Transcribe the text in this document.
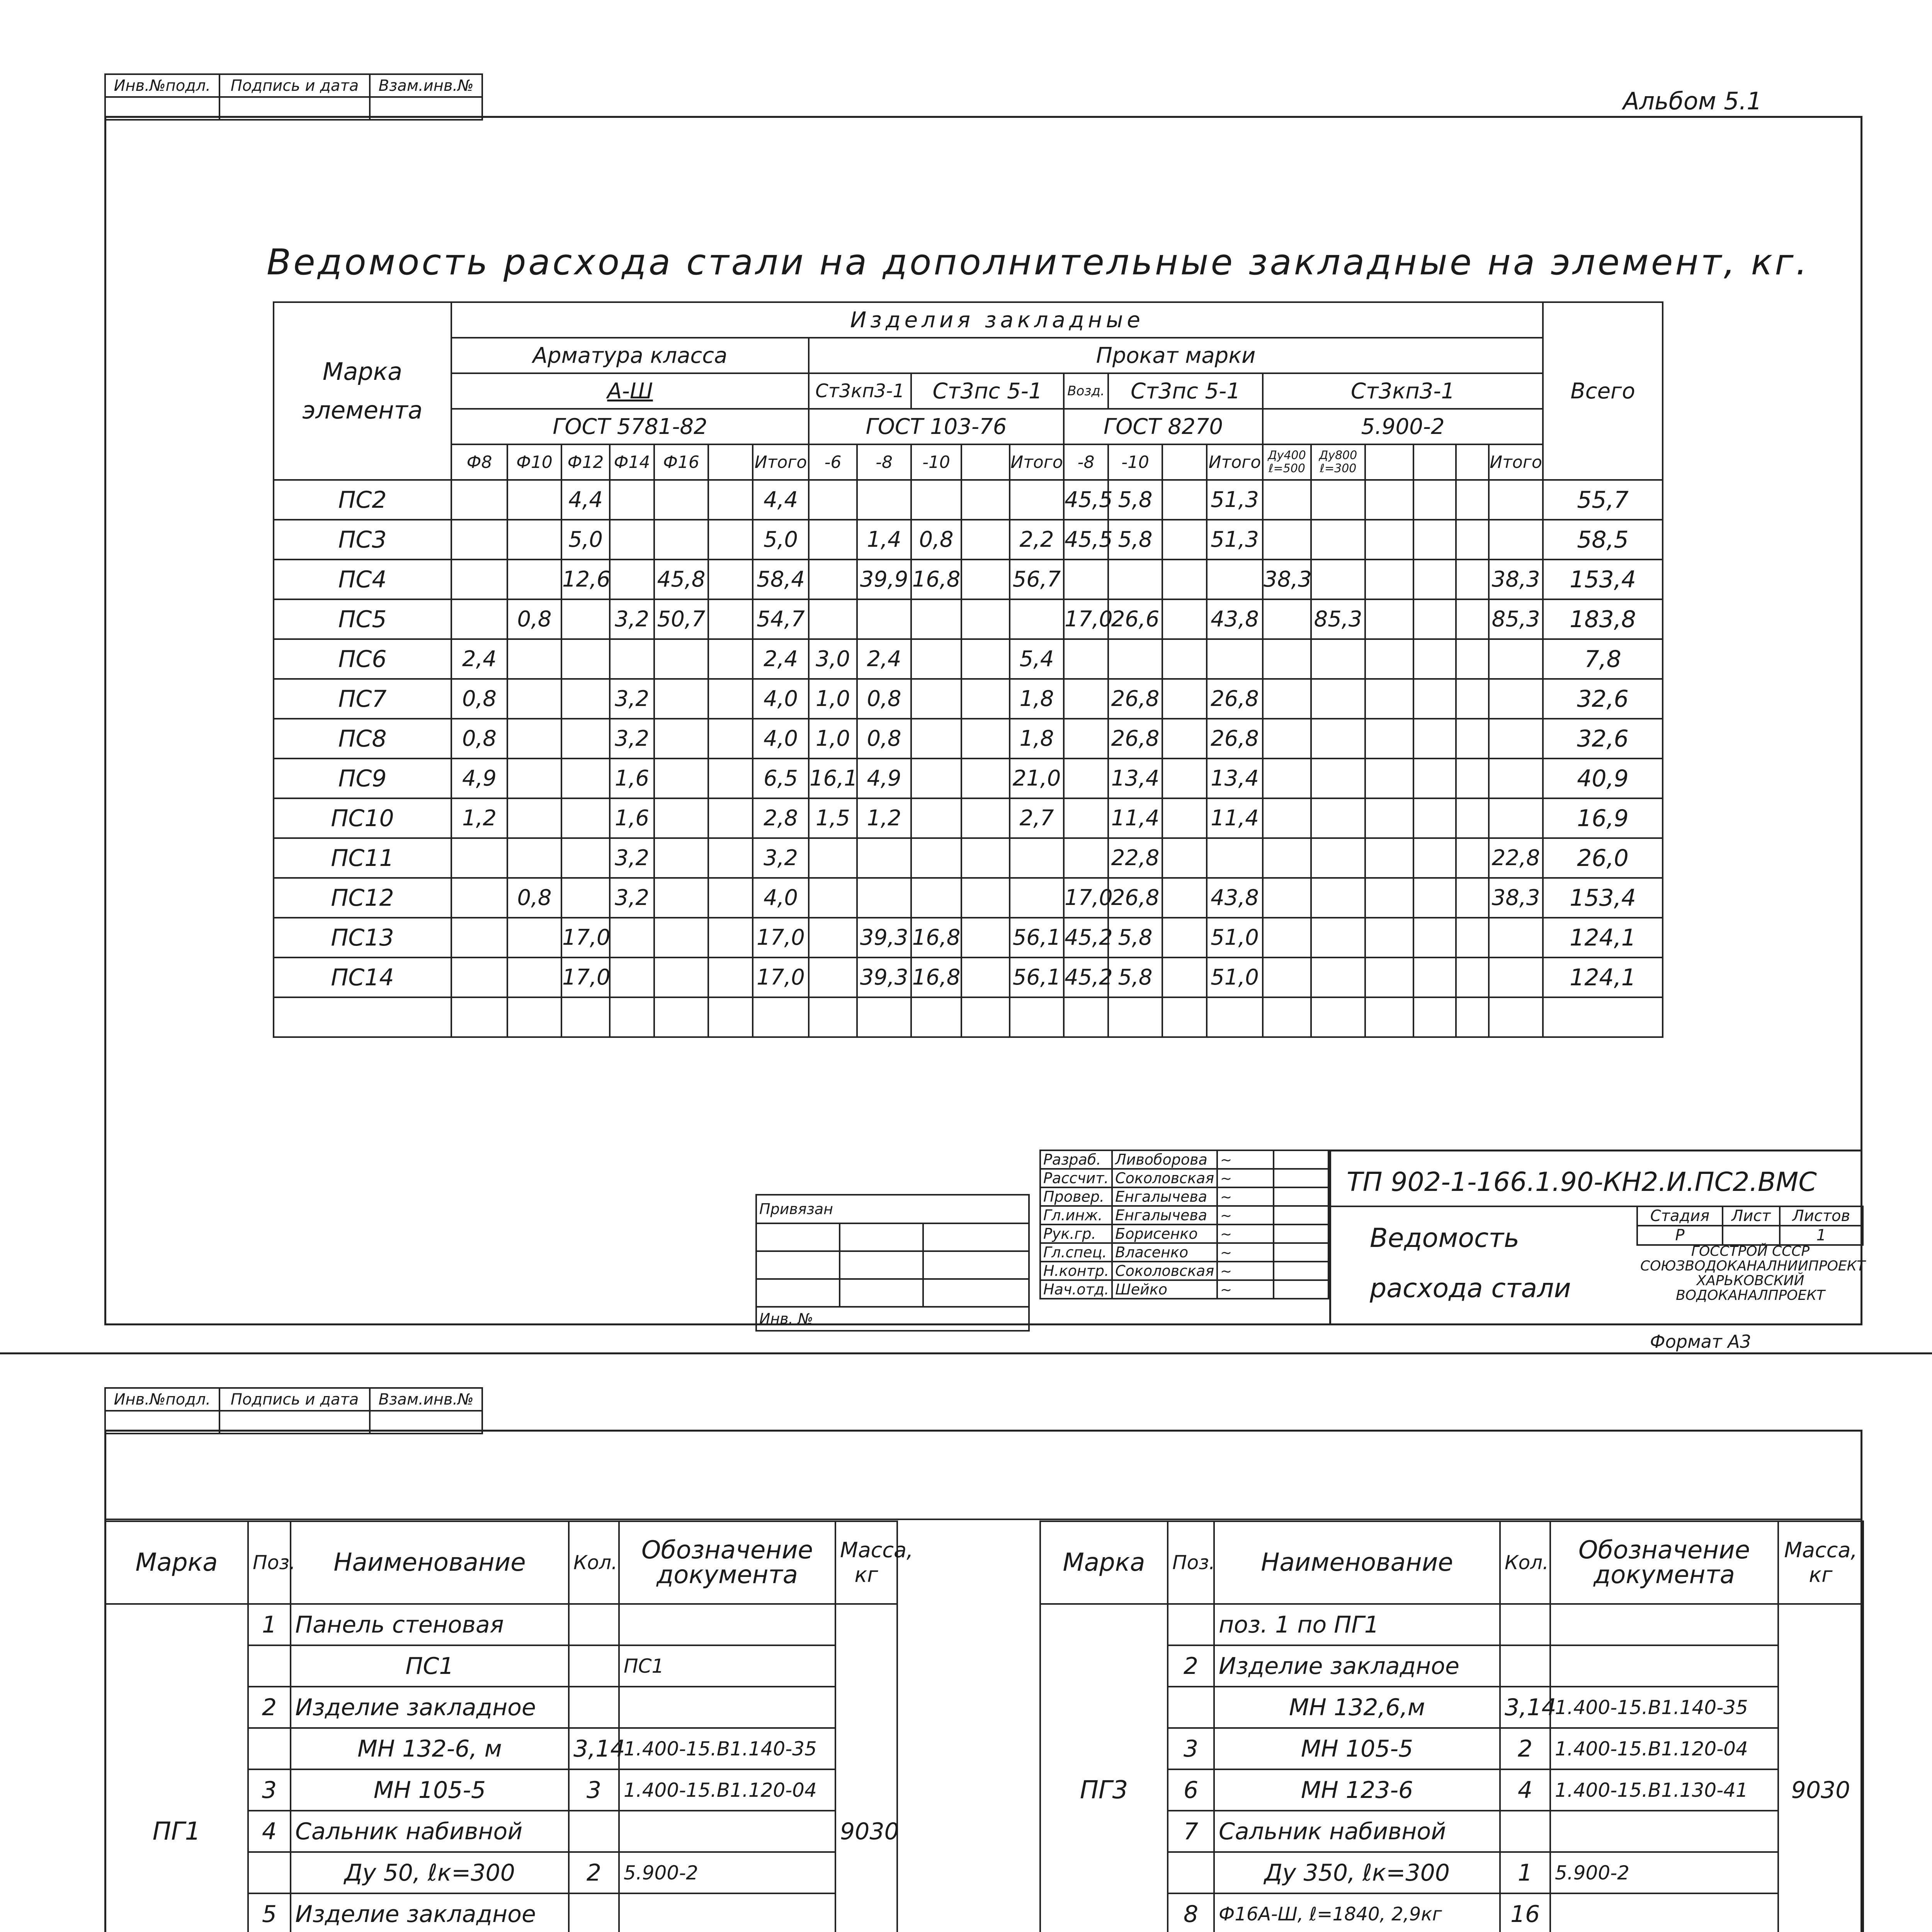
Инв.№подл.	Подпись и дата	Взам.инв.№

Альбом 5.1
Ведомость расхода стали на дополнительные закладные на элемент, кг.
Марка элемента	Изделия закладные																						Всего
	Арматура класса							Прокат марки															
	А-Ш							Ст3кп3-1		Ст3пс 5-1			Возд.	Ст3пс 5-1			Ст3кп3-1						
	ГОСТ 5781-82							ГОСТ 103-76					ГОСТ 8270				5.900-2						
	Ф8	Ф10	Ф12	Ф14	Ф16		Итого	-6	-8	-10		Итого	-8	-10		Итого	Ду400 ℓ=500	Ду800 ℓ=300				Итого	
ПС2			4,4				4,4						45,5	5,8		51,3							55,7
ПС3			5,0				5,0		1,4	0,8		2,2	45,5	5,8		51,3							58,5
ПС4			12,6		45,8		58,4		39,9	16,8		56,7					38,3					38,3	153,4
ПС5		0,8		3,2	50,7		54,7						17,0	26,6		43,8		85,3				85,3	183,8
ПС6	2,4						2,4	3,0	2,4			5,4											7,8
ПС7	0,8			3,2			4,0	1,0	0,8			1,8		26,8		26,8							32,6
ПС8	0,8			3,2			4,0	1,0	0,8			1,8		26,8		26,8							32,6
ПС9	4,9			1,6			6,5	16,1	4,9			21,0		13,4		13,4							40,9
ПС10	1,2			1,6			2,8	1,5	1,2			2,7		11,4		11,4							16,9
ПС11				3,2			3,2							22,8								22,8	26,0
ПС12		0,8		3,2			4,0						17,0	26,8		43,8						38,3	153,4
ПС13			17,0				17,0		39,3	16,8		56,1	45,2	5,8		51,0							124,1
ПС14			17,0				17,0		39,3	16,8		56,1	45,2	5,8		51,0							124,1

Привязан		

Инв. №		
Разраб.	Ливоборова	~	
Рассчит.	Соколовская	~	
Провер.	Енгалычева	~	
Гл.инж.	Енгалычева	~	
Рук.гр.	Борисенко	~	
Гл.спец.	Власенко	~	
Н.контр.	Соколовская	~	
Нач.отд.	Шейко	~	
ТП 902-1-166.1.90-КН2.И.ПС2.ВМС
Ведомость расхода стали
Стадия	Лист	Листов
Р		1
ГОССТРОЙ СССР СОЮЗВОДОКАНАЛНИИПРОЕКТ ХАРЬКОВСКИЙ ВОДОКАНАЛПРОЕКТ
Формат А3
Инв.№подл.	Подпись и дата	Взам.инв.№

Марка	Поз.	Наименование	Кол.	Обозначение документа	Масса, кг
ПГ1	1	Панель стеновая			9030
		ПС1		ПС1	
	2	Изделие закладное			
		МН 132-6, м	3,14	1.400-15.В1.140-35	
	3	МН 105-5	3	1.400-15.В1.120-04	
	4	Сальник набивной			
		Ду 50, ℓк=300	2	5.900-2	
	5	Изделие закладное			

Марка	Поз.	Наименование	Кол.	Обозначение документа	Масса, кг
ПГ3		поз. 1 по ПГ1			9030
	2	Изделие закладное			
		МН 132,6,м	3,14	1.400-15.В1.140-35	
	3	МН 105-5	2	1.400-15.В1.120-04	
	6	МН 123-6	4	1.400-15.В1.130-41	
	7	Сальник набивной			
		Ду 350, ℓк=300	1	5.900-2	
	8	Ф16А-Ш, ℓ=1840, 2,9кг	16		
